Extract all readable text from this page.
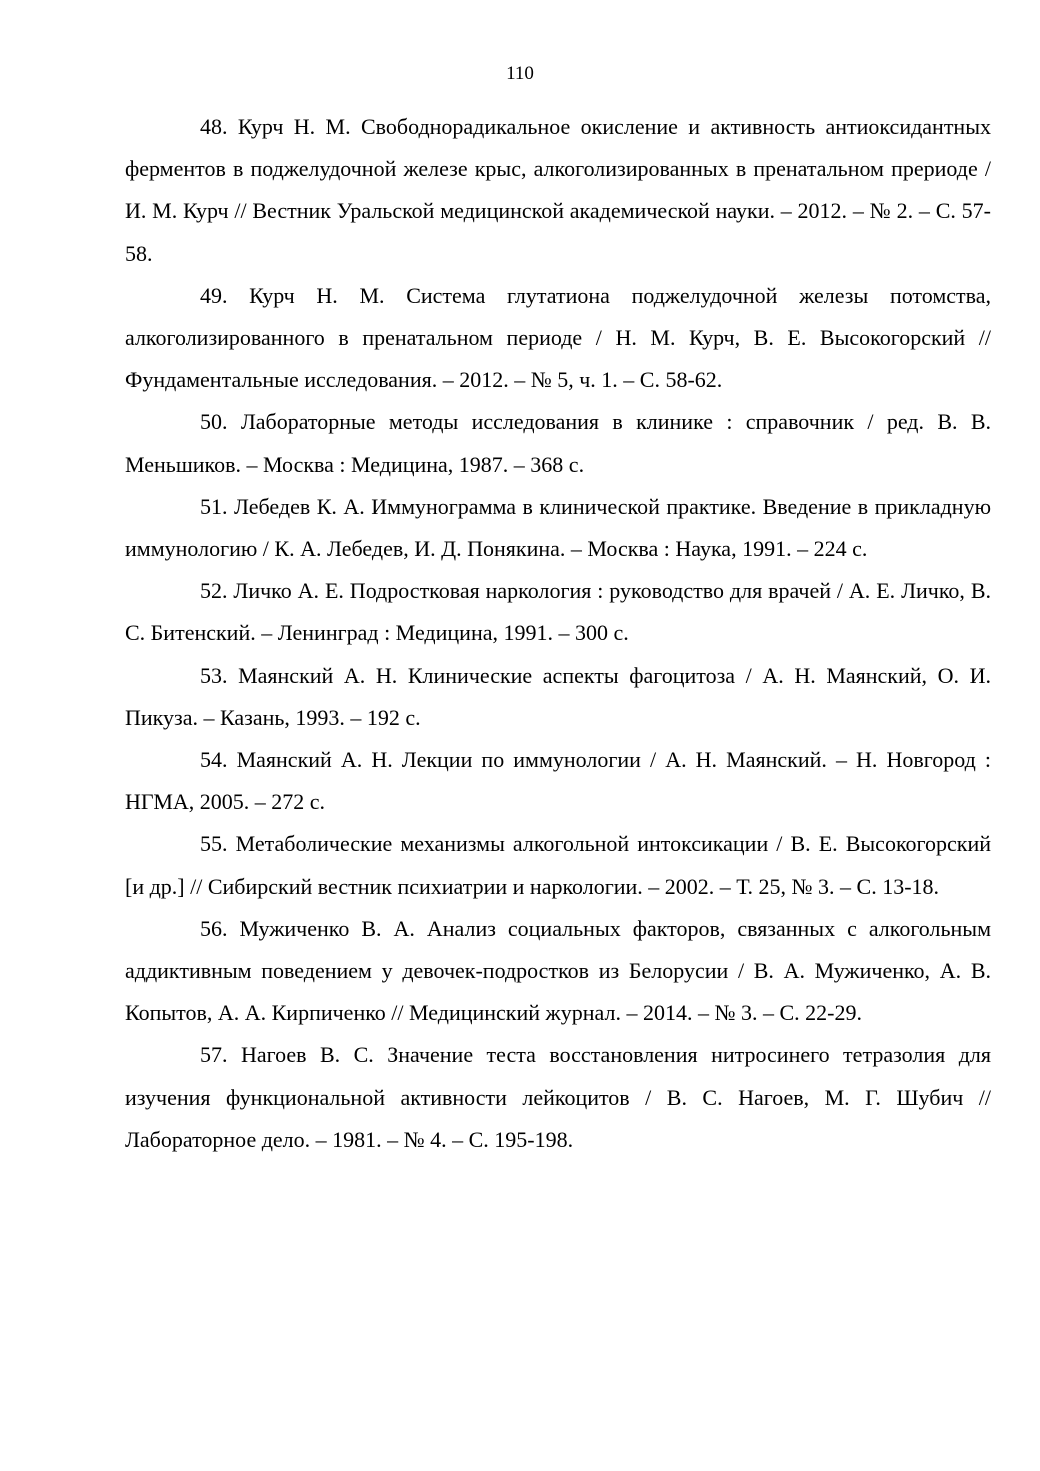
110
48. Курч Н. М. Свободнорадикальное окисление и активность антиоксидантных ферментов в поджелудочной железе крыс, алкоголизированных в пренатальном прериоде / И. М. Курч // Вестник Уральской медицинской академической науки. – 2012. – № 2. – С. 57-58.
49. Курч Н. М. Система глутатиона поджелудочной железы потомства, алкоголизированного в пренатальном периоде / Н. М. Курч, В. Е. Высокогорский // Фундаментальные исследования. – 2012. – № 5, ч. 1. – С. 58-62.
50. Лабораторные методы исследования в клинике : справочник / ред. В. В. Меньшиков. – Москва : Медицина, 1987. – 368 с.
51. Лебедев К. А. Иммунограмма в клинической практике. Введение в прикладную иммунологию / К. А. Лебедев, И. Д. Понякина. – Москва : Наука, 1991. – 224 с.
52. Личко А. Е. Подростковая наркология : руководство для врачей / А. Е. Личко, В. С. Битенский. – Ленинград : Медицина, 1991. – 300 с.
53. Маянский А. Н. Клинические аспекты фагоцитоза / А. Н. Маянский, О. И. Пикуза. – Казань, 1993. – 192 с.
54. Маянский А. Н. Лекции по иммунологии / А. Н. Маянский. – Н. Новгород : НГМА, 2005. – 272 с.
55. Метаболические механизмы алкогольной интоксикации / В. Е. Высокогорский [и др.] // Сибирский вестник психиатрии и наркологии. – 2002. – Т. 25, № 3. – С. 13-18.
56. Мужиченко В. А. Анализ социальных факторов, связанных с алкогольным аддиктивным поведением у девочек-подростков из Белорусии / В. А. Мужиченко, А. В. Копытов, А. А. Кирпиченко // Медицинский журнал. – 2014. – № 3. – С. 22-29.
57. Нагоев В. С. Значение теста восстановления нитросинего тетразолия для изучения функциональной активности лейкоцитов / В. С. Нагоев, М. Г. Шубич // Лабораторное дело. – 1981. – № 4. – С. 195-198.
